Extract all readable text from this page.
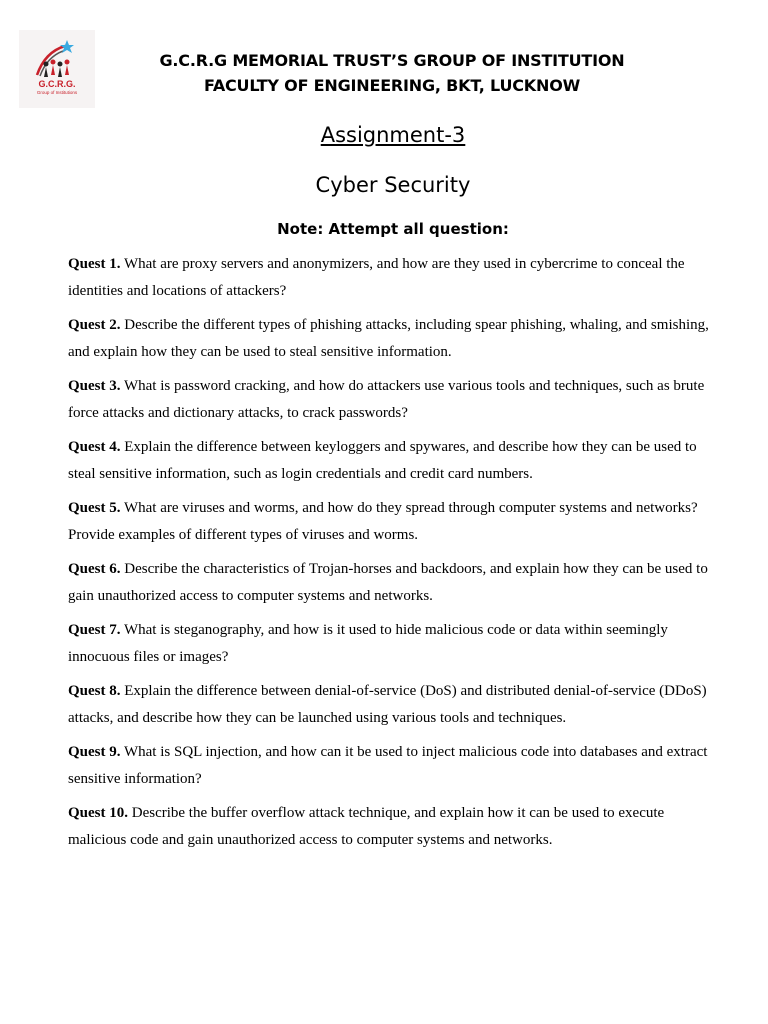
G.C.R.G.
Group of Institutions
G.C.R.G MEMORIAL TRUST’S GROUP OF INSTITUTION
FACULTY OF ENGINEERING, BKT, LUCKNOW
Assignment-3
Cyber Security
Note: Attempt all question:
Quest 1. What are proxy servers and anonymizers, and how are they used in cybercrime to conceal the identities and locations of attackers?
Quest 2. Describe the different types of phishing attacks, including spear phishing, whaling, and smishing, and explain how they can be used to steal sensitive information.
Quest 3. What is password cracking, and how do attackers use various tools and techniques, such as brute force attacks and dictionary attacks, to crack passwords?
Quest 4. Explain the difference between keyloggers and spywares, and describe how they can be used to steal sensitive information, such as login credentials and credit card numbers.
Quest 5. What are viruses and worms, and how do they spread through computer systems and networks? Provide examples of different types of viruses and worms.
Quest 6. Describe the characteristics of Trojan-horses and backdoors, and explain how they can be used to gain unauthorized access to computer systems and networks.
Quest 7. What is steganography, and how is it used to hide malicious code or data within seemingly innocuous files or images?
Quest 8. Explain the difference between denial-of-service (DoS) and distributed denial-of-service (DDoS) attacks, and describe how they can be launched using various tools and techniques.
Quest 9. What is SQL injection, and how can it be used to inject malicious code into databases and extract sensitive information?
Quest 10. Describe the buffer overflow attack technique, and explain how it can be used to execute malicious code and gain unauthorized access to computer systems and networks.
